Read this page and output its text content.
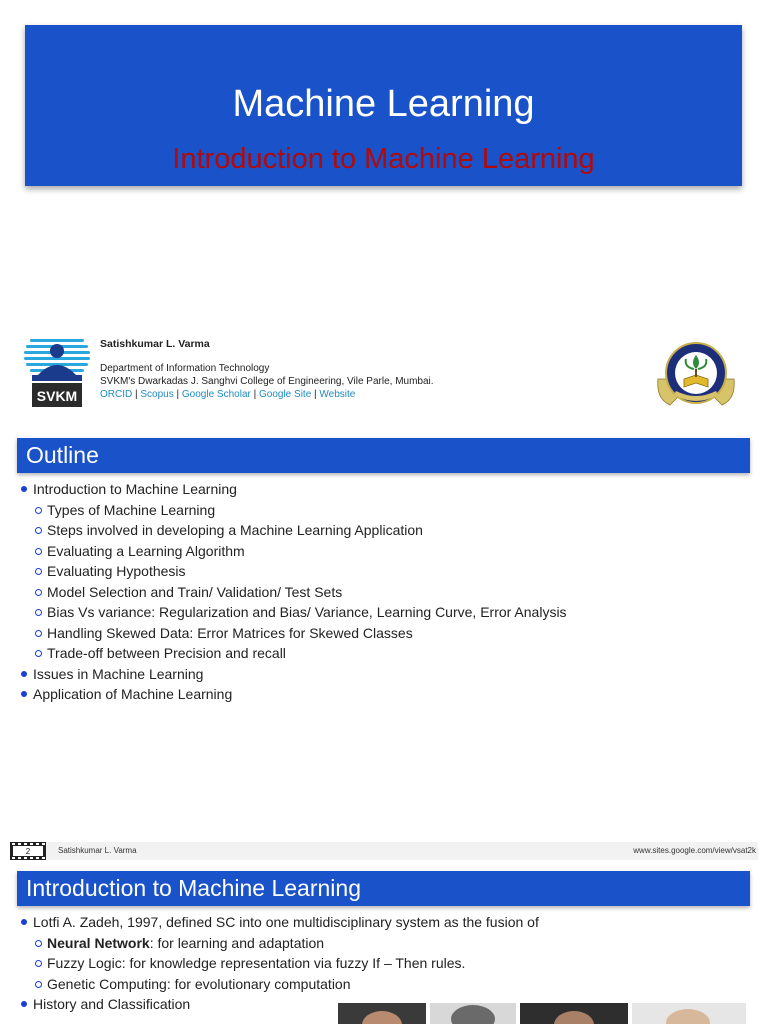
Machine Learning
Introduction to Machine Learning
SVKM
Satishkumar L. Varma
Department of Information Technology
SVKM's Dwarkadas J. Sanghvi College of Engineering, Vile Parle, Mumbai.
ORCID | Scopus | Google Scholar | Google Site | Website
Outline
Introduction to Machine Learning
Types of Machine Learning
Steps involved in developing a Machine Learning Application
Evaluating a Learning Algorithm
Evaluating Hypothesis
Model Selection and Train/ Validation/ Test Sets
Bias Vs variance: Regularization and Bias/ Variance, Learning Curve, Error Analysis
Handling Skewed Data: Error Matrices for Skewed Classes
Trade-off between Precision and recall
Issues in Machine Learning
Application of Machine Learning
2	Satishkumar L. Varma	www.sites.google.com/view/vsat2k
Introduction to Machine Learning
Lotfi A. Zadeh, 1997, defined SC into one multidisciplinary system as the fusion of
Neural Network: for learning and adaptation
Fuzzy Logic: for knowledge representation via fuzzy If – Then rules.
Genetic Computing: for evolutionary computation
History and Classification
